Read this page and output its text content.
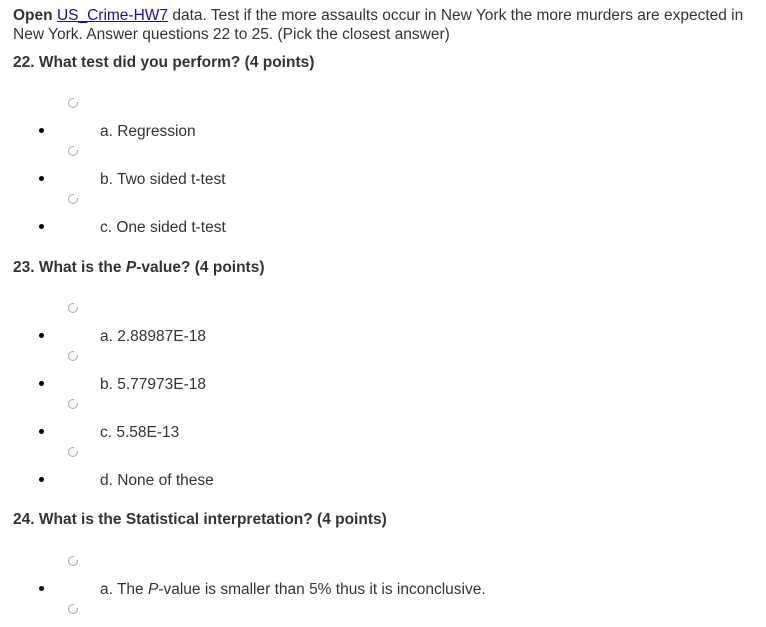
Open US_Crime-HW7 data. Test if the more assaults occur in New York the more murders are expected in New York. Answer questions 22 to 25. (Pick the closest answer)
22. What test did you perform? (4 points)
a. Regression
b. Two sided t-test
c. One sided t-test
23. What is the P-value? (4 points)
a. 2.88987E-18
b. 5.77973E-18
c. 5.58E-13
d. None of these
24. What is the Statistical interpretation? (4 points)
a. The P-value is smaller than 5% thus it is inconclusive.
